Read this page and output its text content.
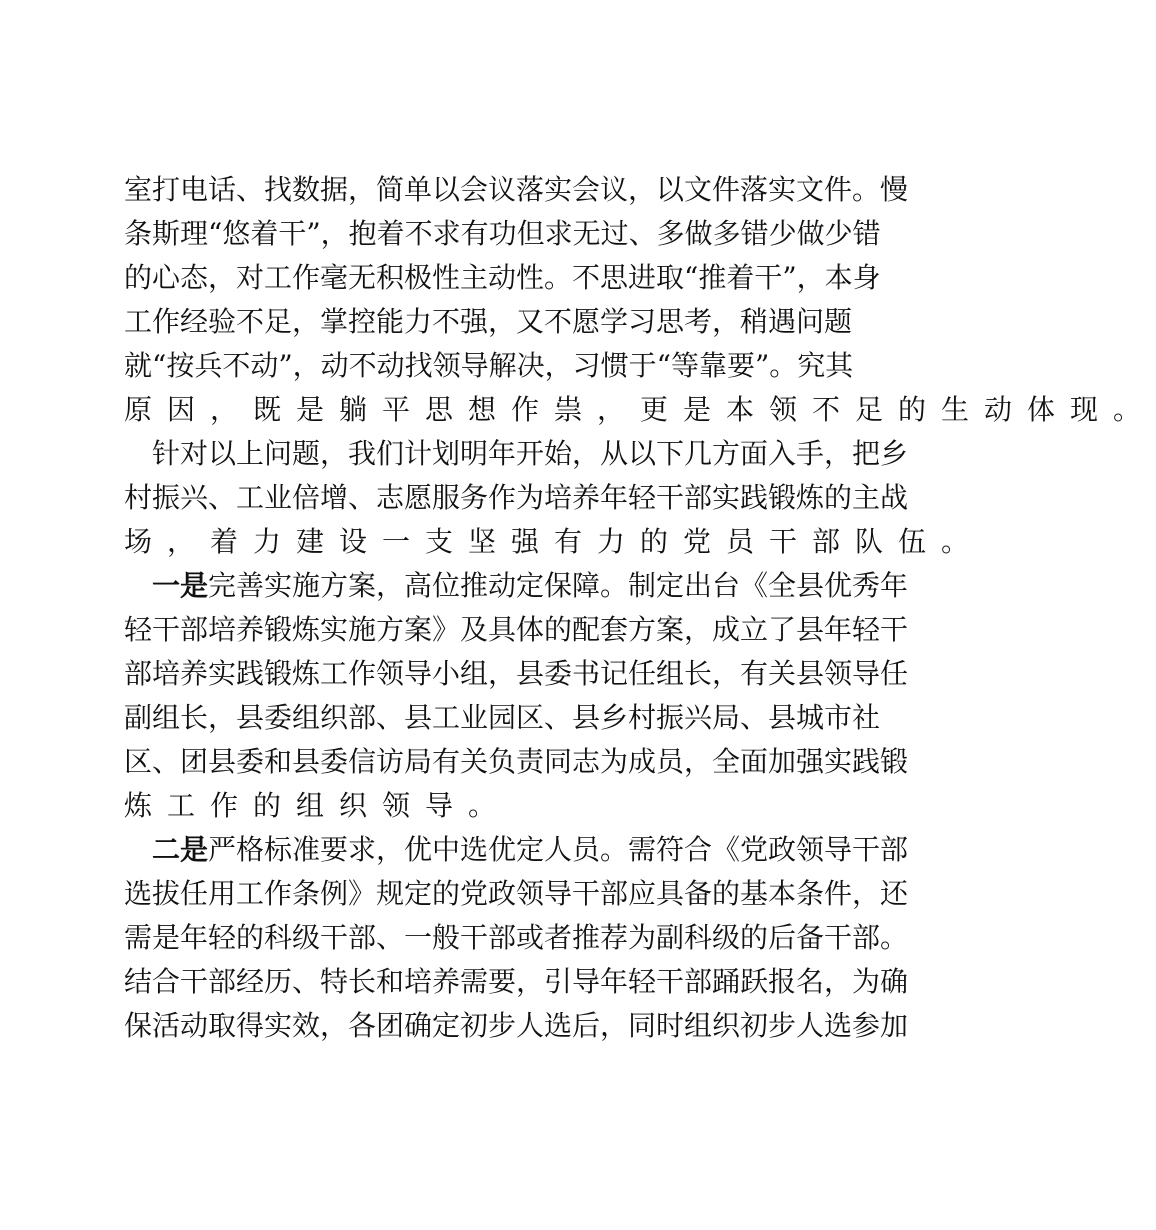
室打电话、找数据，简单以会议落实会议，以文件落实文件。慢
条斯理“悠着干”，抱着不求有功但求无过、多做多错少做少错
的心态，对工作毫无积极性主动性。不思进取“推着干”，本身
工作经验不足，掌控能力不强，又不愿学习思考，稍遇问题
就“按兵不动”，动不动找领导解决，习惯于“等靠要”。究其
原因，既是躺平思想作祟，更是本领不足的生动体现。
　针对以上问题，我们计划明年开始，从以下几方面入手，把乡
村振兴、工业倍增、志愿服务作为培养年轻干部实践锻炼的主战
场，着力建设一支坚强有力的党员干部队伍。
　一是完善实施方案，高位推动定保障。制定出台《全县优秀年
轻干部培养锻炼实施方案》及具体的配套方案，成立了县年轻干
部培养实践锻炼工作领导小组，县委书记任组长，有关县领导任
副组长，县委组织部、县工业园区、县乡村振兴局、县城市社
区、团县委和县委信访局有关负责同志为成员，全面加强实践锻
炼工作的组织领导。
　二是严格标准要求，优中选优定人员。需符合《党政领导干部
选拔任用工作条例》规定的党政领导干部应具备的基本条件，还
需是年轻的科级干部、一般干部或者推荐为副科级的后备干部。
结合干部经历、特长和培养需要，引导年轻干部踊跃报名，为确
保活动取得实效，各团确定初步人选后，同时组织初步人选参加
